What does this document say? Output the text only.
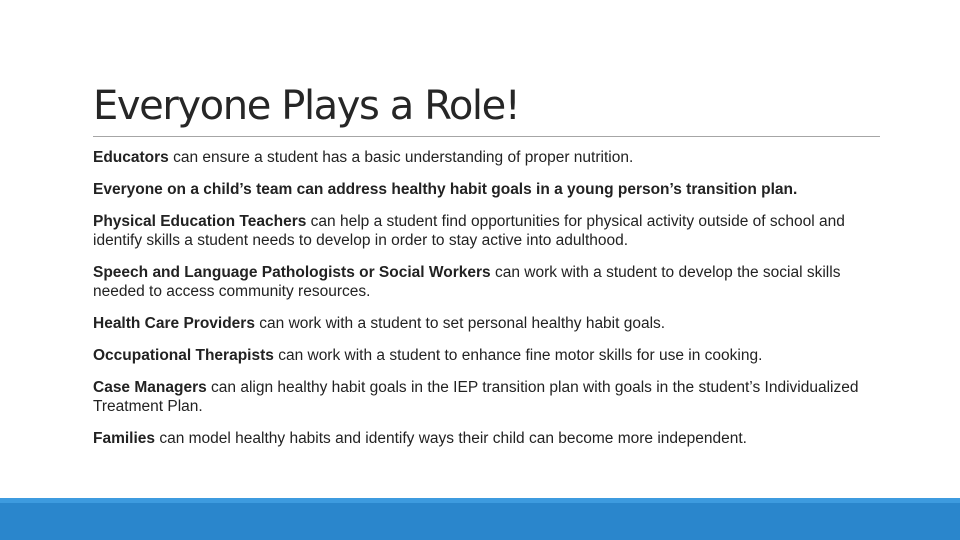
Everyone Plays a Role!
Educators can ensure a student has a basic understanding of proper nutrition.
Everyone on a child’s team can address healthy habit goals in a young person’s transition plan.
Physical Education Teachers can help a student find opportunities for physical activity outside of school and identify skills a student needs to develop in order to stay active into adulthood.
Speech and Language Pathologists or Social Workers can work with a student to develop the social skills needed to access community resources.
Health Care Providers can work with a student to set personal healthy habit goals.
Occupational Therapists can work with a student to enhance fine motor skills for use in cooking.
Case Managers can align healthy habit goals in the IEP transition plan with goals in the student’s Individualized Treatment Plan.
Families can model healthy habits and identify ways their child can become more independent.
